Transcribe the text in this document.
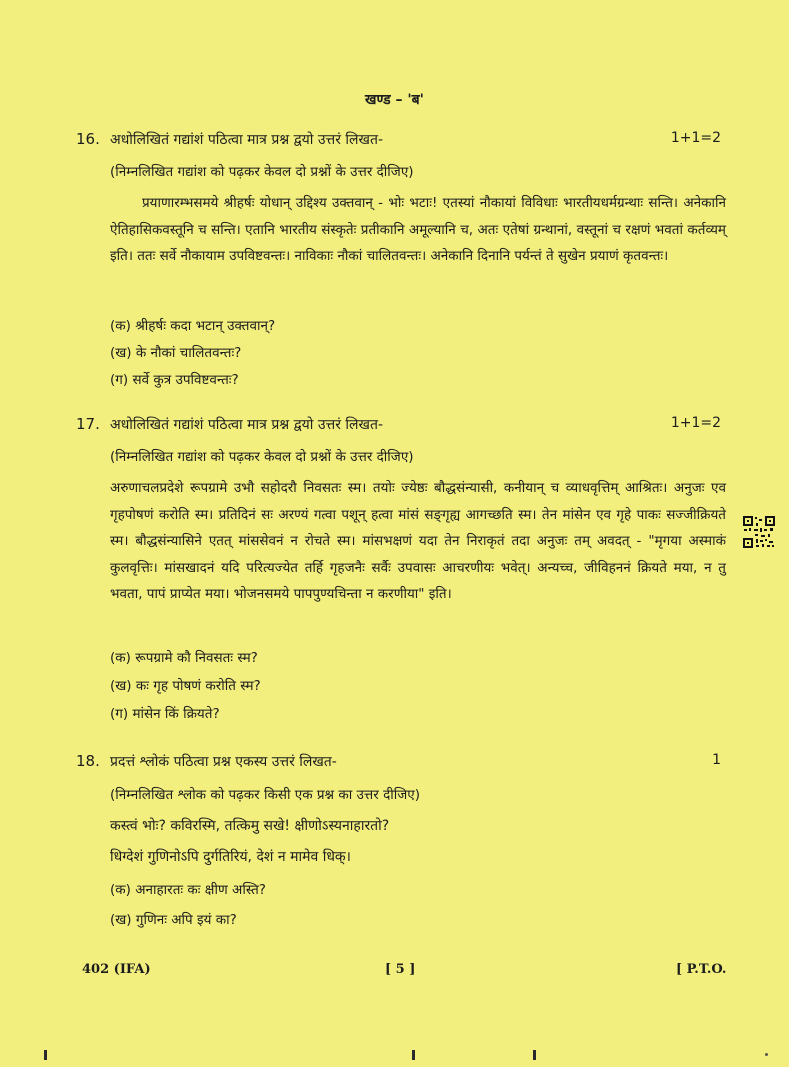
खण्ड – 'ब'
16. अधोलिखितं गद्यांशं पठित्वा मात्र प्रश्न द्वयो उत्तरं लिखत-	1+1=2
(निम्नलिखित गद्यांश को पढ़कर केवल दो प्रश्नों के उत्तर दीजिए)
प्रयाणारम्भसमये श्रीहर्षः योधान् उद्दिश्य उक्तवान् - भोः भटाः! एतस्यां नौकायां विविधाः भारतीयधर्मग्रन्थाः सन्ति। अनेकानि ऐतिहासिकवस्तूनि च सन्ति। एतानि भारतीय संस्कृतेः प्रतीकानि अमूल्यानि च, अतः एतेषां ग्रन्थानां, वस्तूनां च रक्षणं भवतां कर्तव्यम् इति। ततः सर्वे नौकायाम उपविष्टवन्तः। नाविकाः नौकां चालितवन्तः। अनेकानि दिनानि पर्यन्तं ते सुखेन प्रयाणं कृतवन्तः।
(क) श्रीहर्षः कदा भटान् उक्तवान्?
(ख) के नौकां चालितवन्तः?
(ग) सर्वे कुत्र उपविष्टवन्तः?
17. अधोलिखितं गद्यांशं पठित्वा मात्र प्रश्न द्वयो उत्तरं लिखत-	1+1=2
(निम्नलिखित गद्यांश को पढ़कर केवल दो प्रश्नों के उत्तर दीजिए)
अरुणाचलप्रदेशे रूपग्रामे उभौ सहोदरौ निवसतः स्म। तयोः ज्येष्ठः बौद्धसंन्यासी, कनीयान् च व्याधवृत्तिम् आश्रितः। अनुजः एव गृहपोषणं करोति स्म। प्रतिदिनं सः अरण्यं गत्वा पशून् हत्वा मांसं सङ्गृह्य आगच्छति स्म। तेन मांसेन एव गृहे पाकः सज्जीक्रियते स्म। बौद्धसंन्यासिने एतत् मांससेवनं न रोचते स्म। मांसभक्षणं यदा तेन निराकृतं तदा अनुजः तम् अवदत् - "मृगया अस्माकं कुलवृत्तिः। मांसखादनं यदि परित्यज्येत तर्हि गृहजनैः सर्वैः उपवासः आचरणीयः भवेत्। अन्यच्च, जीविहननं क्रियते मया, न तु भवता, पापं प्राप्येत मया। भोजनसमये पापपुण्यचिन्ता न करणीया" इति।
(क) रूपग्रामे कौ निवसतः स्म?
(ख) कः गृह पोषणं करोति स्म?
(ग) मांसेन किं क्रियते?
18. प्रदत्तं श्लोकं पठित्वा प्रश्न एकस्य उत्तरं लिखत-	1
(निम्नलिखित श्लोक को पढ़कर किसी एक प्रश्न का उत्तर दीजिए)
कस्त्वं भोः? कविरस्मि, तत्किमु सखे! क्षीणोऽस्यनाहारतो?
धिग्देशं गुणिनोऽपि दुर्गतिरियं, देशं न मामेव धिक्।
(क) अनाहारतः कः क्षीण अस्ति?
(ख) गुणिनः अपि इयं का?
402 (IFA)	[ 5 ]	[ P.T.O.
